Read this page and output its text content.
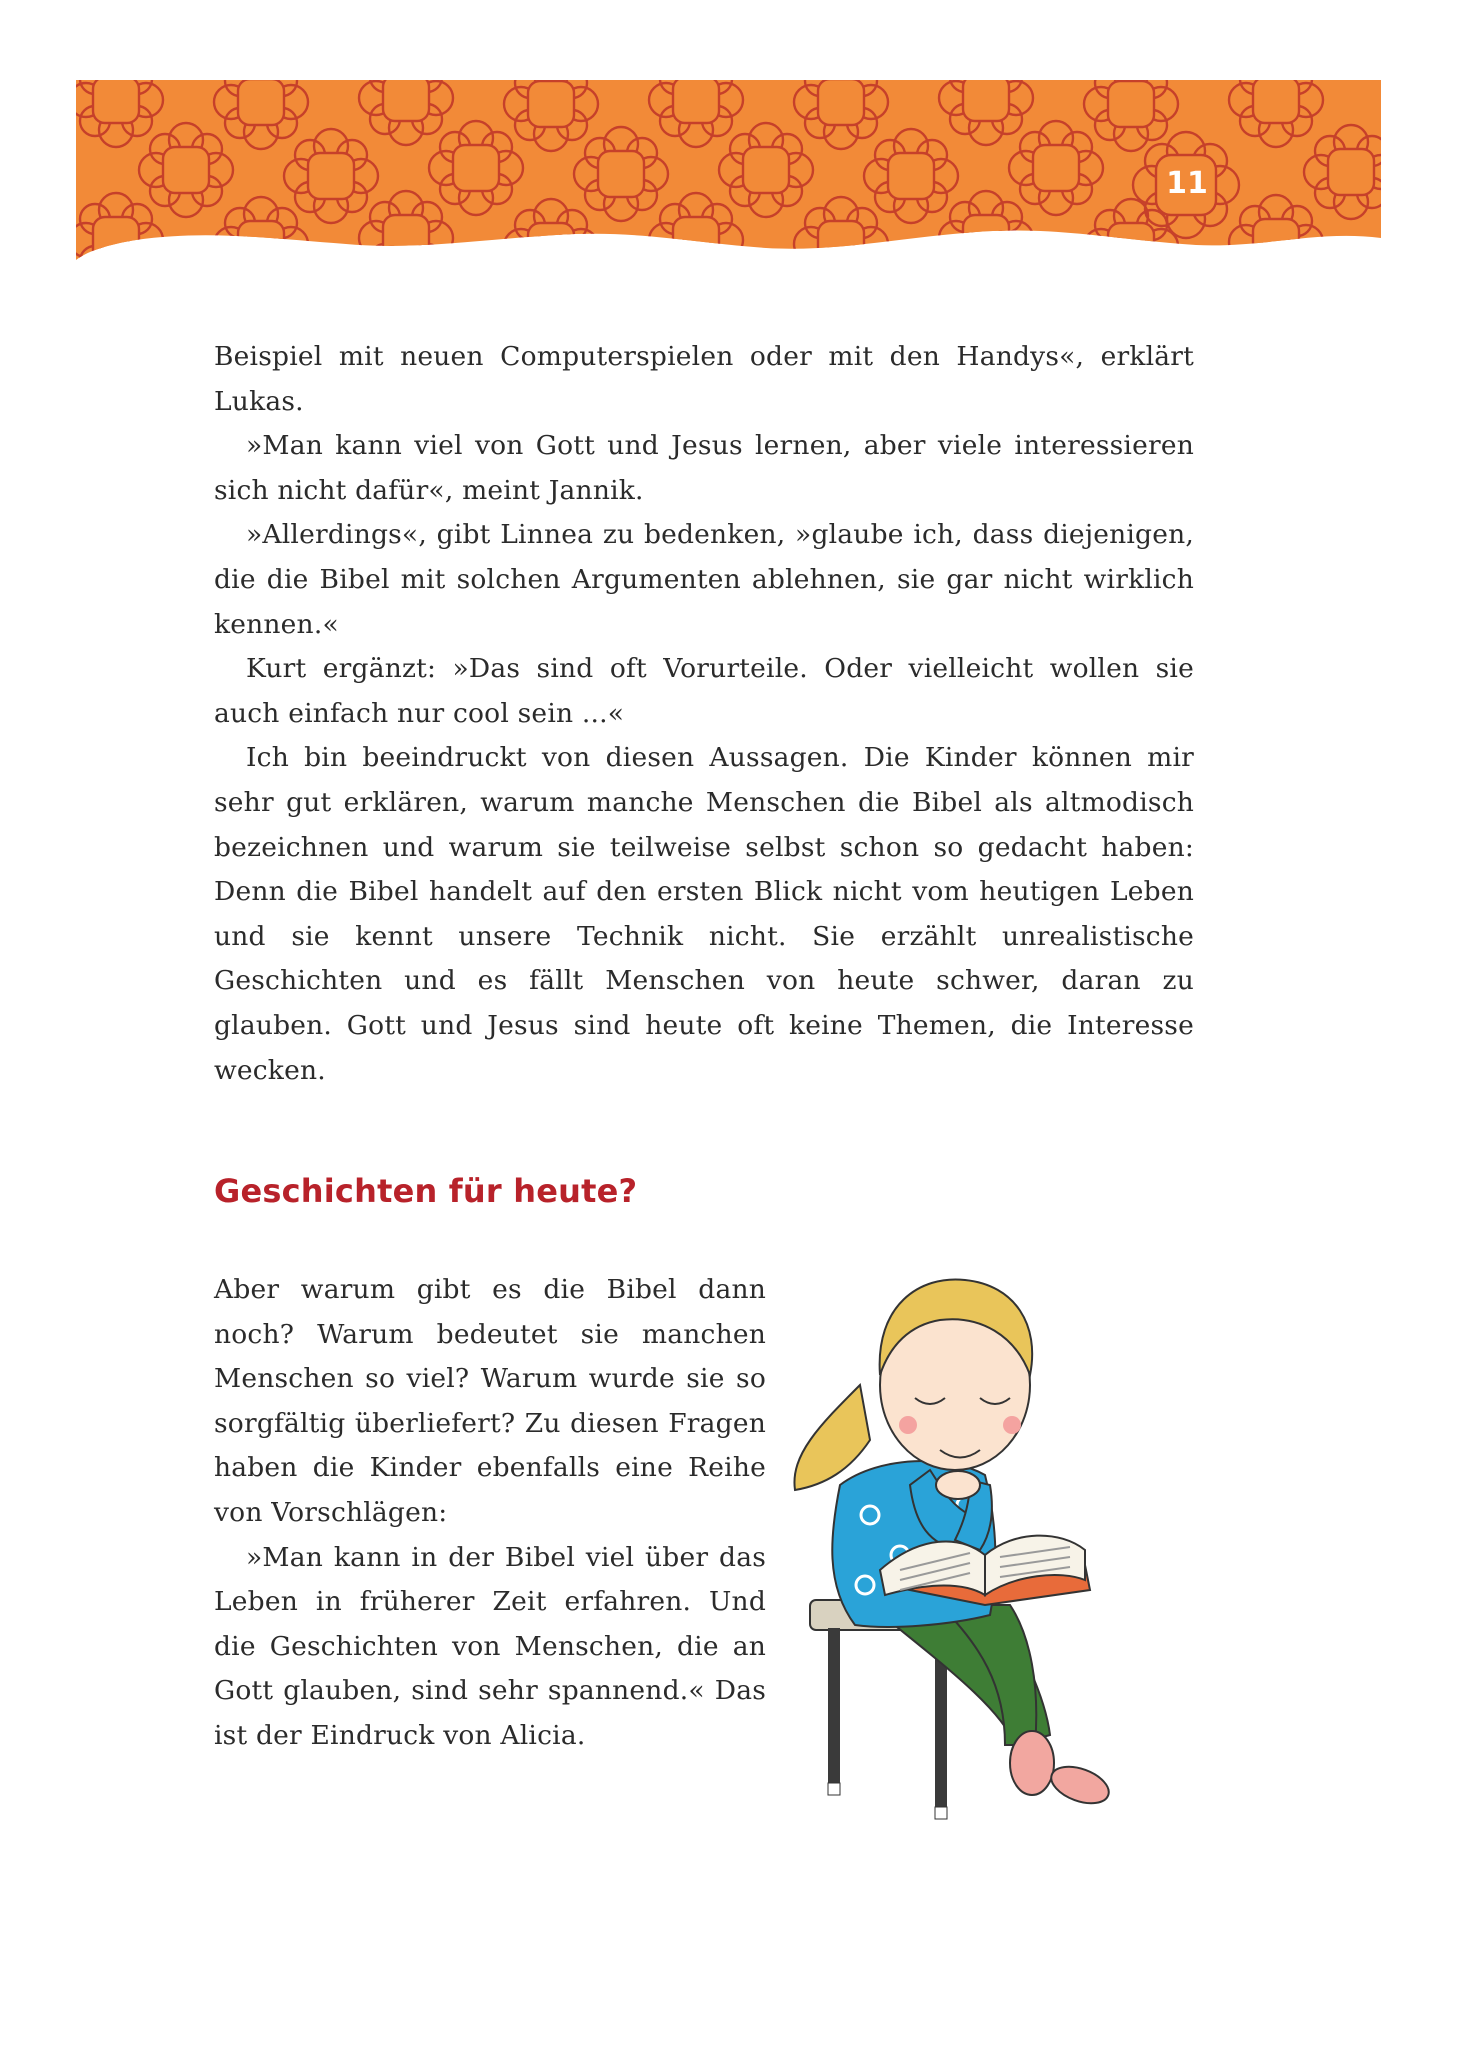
11

Beispiel mit neuen Computerspielen oder mit den Handys«, erklärt Lukas.

»Man kann viel von Gott und Jesus lernen, aber viele interessieren sich nicht dafür«, meint Jannik.

»Allerdings«, gibt Linnea zu bedenken, »glaube ich, dass diejenigen, die die Bibel mit solchen Argumenten ablehnen, sie gar nicht wirklich kennen.«

Kurt ergänzt: »Das sind oft Vorurteile. Oder vielleicht wollen sie auch einfach nur cool sein ...«

Ich bin beeindruckt von diesen Aussagen. Die Kinder können mir sehr gut erklären, warum manche Menschen die Bibel als altmodisch bezeichnen und warum sie teilweise selbst schon so gedacht haben: Denn die Bibel handelt auf den ersten Blick nicht vom heutigen Leben und sie kennt unsere Technik nicht. Sie erzählt unrealistische Geschichten und es fällt Menschen von heute schwer, daran zu glauben. Gott und Jesus sind heute oft keine Themen, die Interesse wecken.

Geschichten für heute?

Aber warum gibt es die Bibel dann noch? Warum bedeutet sie manchen Menschen so viel? Warum wurde sie so sorgfältig überliefert? Zu diesen Fragen haben die Kinder ebenfalls eine Reihe von Vorschlägen:

»Man kann in der Bibel viel über das Leben in früherer Zeit erfahren. Und die Geschichten von Menschen, die an Gott glauben, sind sehr spannend.« Das ist der Eindruck von Alicia.
